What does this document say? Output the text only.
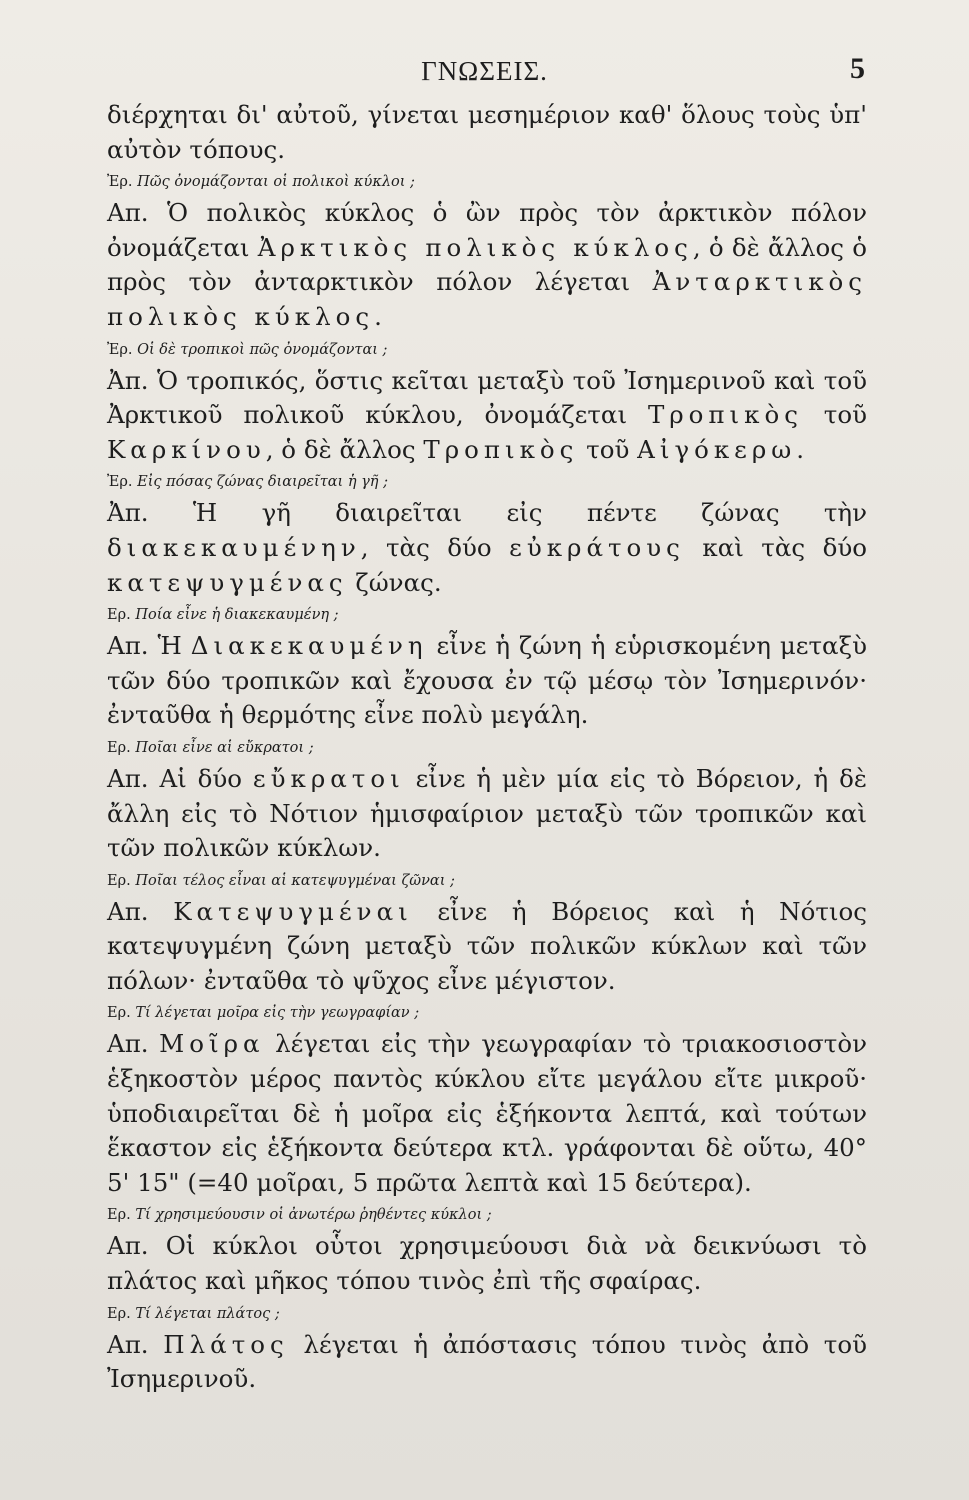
ΓΝΩΣΕΙΣ.	5

διέρχηται δι' αὐτοῦ, γίνεται μεσημέριον καθ' ὅλους τοὺς ὑπ' αὐτὸν τόπους.

Ἐρ. Πῶς ὀνομάζονται οἱ πολικοὶ κύκλοι ;

Απ. Ὁ πολικὸς κύκλος ὁ ὢν πρὸς τὸν ἀρκτικὸν πόλον ὀνομάζεται Ἀρκτικὸς πολικὸς κύκλος, ὁ δὲ ἄλλος ὁ πρὸς τὸν ἀνταρκτικὸν πόλον λέγεται Ἀνταρκτικὸς πολικὸς κύκλος.

Ἐρ. Οἱ δὲ τροπικοὶ πῶς ὀνομάζονται ;

Ἀπ. Ὁ τροπικός, ὅστις κεῖται μεταξὺ τοῦ Ἰσημερινοῦ καὶ τοῦ Ἀρκτικοῦ πολικοῦ κύκλου, ὀνομάζεται Τροπικὸς τοῦ Καρκίνου, ὁ δὲ ἄλλος Τροπικὸς τοῦ Αἰγόκερω.

Ἐρ. Εἰς πόσας ζώνας διαιρεῖται ἡ γῆ ;

Ἀπ. Ἡ γῆ διαιρεῖται εἰς πέντε ζώνας τὴν διακεκαυμένην, τὰς δύο εὐκράτους καὶ τὰς δύο κατεψυγμένας ζώνας.

Ερ. Ποία εἶνε ἡ διακεκαυμένη ;

Απ. Ἡ Διακεκαυμένη εἶνε ἡ ζώνη ἡ εὑρισκομένη μεταξὺ τῶν δύο τροπικῶν καὶ ἔχουσα ἐν τῷ μέσῳ τὸν Ἰσημερινόν· ἐνταῦθα ἡ θερμότης εἶνε πολὺ μεγάλη.

Ερ. Ποῖαι εἶνε αἱ εὔκρατοι ;

Απ. Αἱ δύο εὔκρατοι εἶνε ἡ μὲν μία εἰς τὸ Βόρειον, ἡ δὲ ἄλλη εἰς τὸ Νότιον ἡμισφαίριον μεταξὺ τῶν τροπικῶν καὶ τῶν πολικῶν κύκλων.

Ερ. Ποῖαι τέλος εἶναι αἱ κατεψυγμέναι ζῶναι ;

Απ. Κατεψυγμέναι εἶνε ἡ Βόρειος καὶ ἡ Νότιος κατεψυγμένη ζώνη μεταξὺ τῶν πολικῶν κύκλων καὶ τῶν πόλων· ἐνταῦθα τὸ ψῦχος εἶνε μέγιστον.

Ερ. Τί λέγεται μοῖρα εἰς τὴν γεωγραφίαν ;

Απ. Μοῖρα λέγεται εἰς τὴν γεωγραφίαν τὸ τριακοσιοστὸν ἑξηκοστὸν μέρος παντὸς κύκλου εἴτε μεγάλου εἴτε μικροῦ· ὑποδιαιρεῖται δὲ ἡ μοῖρα εἰς ἑξήκοντα λεπτά, καὶ τούτων ἕκαστον εἰς ἑξήκοντα δεύτερα κτλ. γράφονται δὲ οὕτω, 40° 5' 15" (=40 μοῖραι, 5 πρῶτα λεπτὰ καὶ 15 δεύτερα).

Ερ. Τί χρησιμεύουσιν οἱ ἀνωτέρω ῥηθέντες κύκλοι ;

Απ. Οἱ κύκλοι οὗτοι χρησιμεύουσι διὰ νὰ δεικνύωσι τὸ πλάτος καὶ μῆκος τόπου τινὸς ἐπὶ τῆς σφαίρας.

Ερ. Τί λέγεται πλάτος ;

Απ. Πλάτος λέγεται ἡ ἀπόστασις τόπου τινὸς ἀπὸ τοῦ Ἰσημερινοῦ.
